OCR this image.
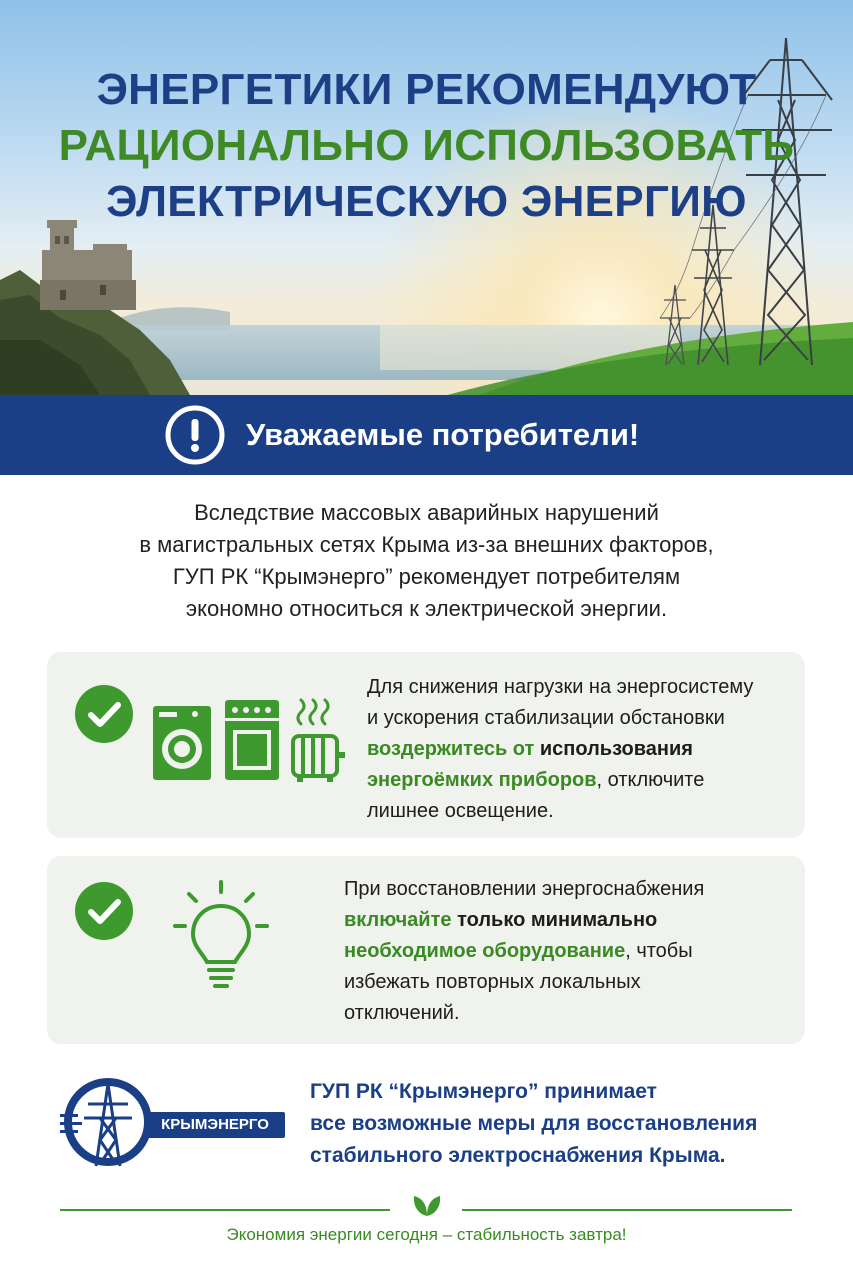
ЭНЕРГЕТИКИ РЕКОМЕНДУЮТ
РАЦИОНАЛЬНО ИСПОЛЬЗОВАТЬ
ЭЛЕКТРИЧЕСКУЮ ЭНЕРГИЮ
Уважаемые потребители!

Вследствие массовых аварийных нарушений
в магистральных сетях Крыма из-за внешних факторов,
ГУП РК “Крымэнерго” рекомендует потребителям
экономно относиться к электрической энергии.

Для снижения нагрузки на энергосистему
и ускорения стабилизации обстановки
воздержитесь от использования
энергоёмких приборов, отключите
лишнее освещение.

При восстановлении энергоснабжения
включайте только минимально
необходимое оборудование, чтобы
избежать повторных локальных
отключений.

КРЫМЭНЕРГО

ГУП РК “Крымэнерго” принимает
все возможные меры для восстановления
стабильного электроснабжения Крыма.

Экономия энергии сегодня – стабильность завтра!
